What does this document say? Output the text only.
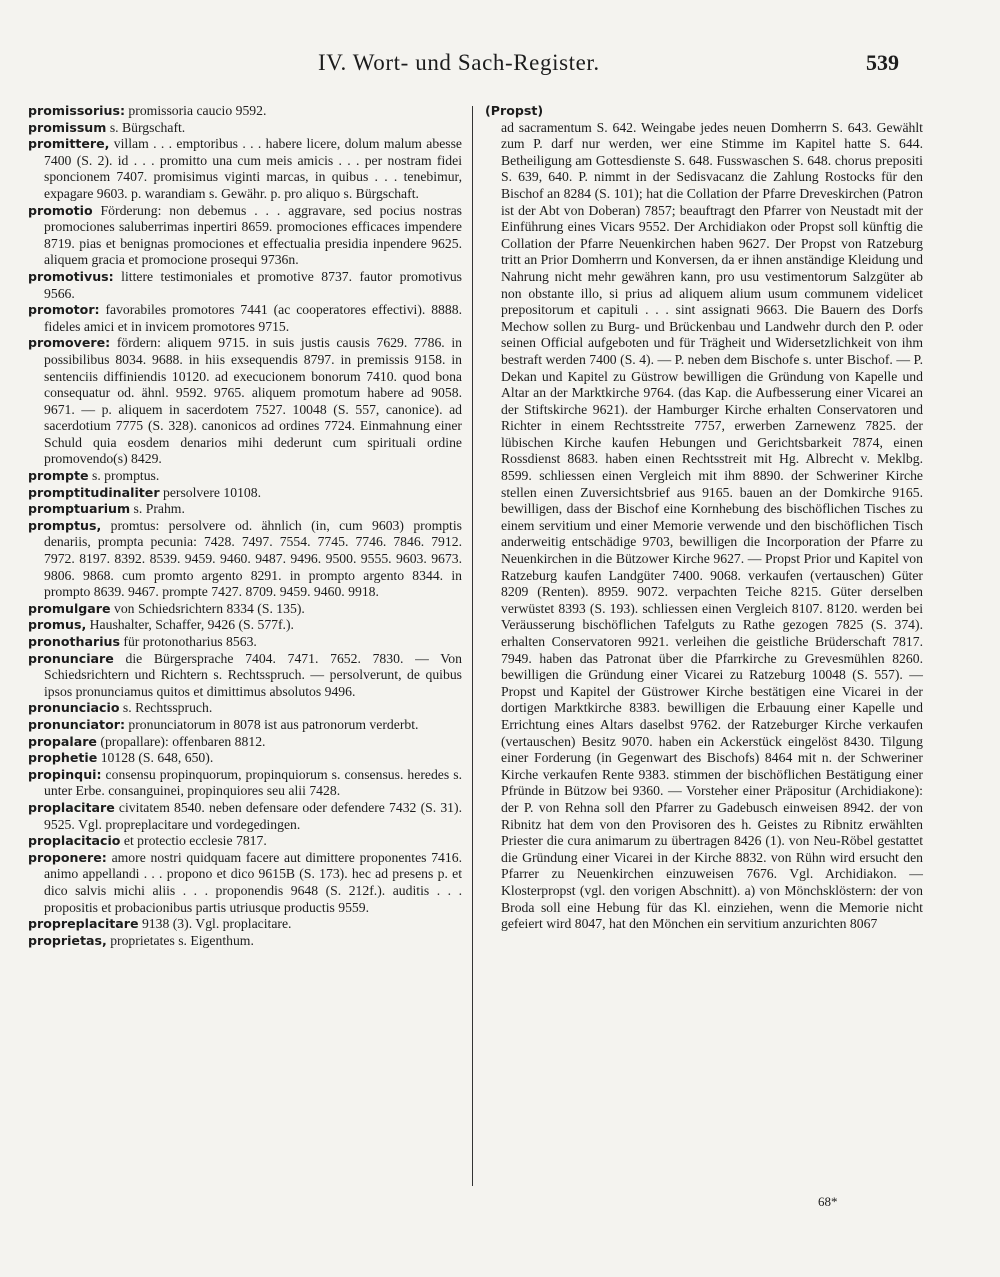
IV. Wort- und Sach-Register.	539
promissorius: promissoria caucio 9592.
promissum s. Bürgschaft.
promittere, villam . . . emptoribus . . . habere licere, dolum malum abesse 7400 (S. 2). id . . . promitto una cum meis amicis . . . per nostram fidei sponcionem 7407. promisimus viginti marcas, in quibus . . . tenebimur, expagare 9603. p. warandiam s. Gewähr. p. pro aliquo s. Bürgschaft.
promotio Förderung: non debemus . . . aggravare, sed pocius nostras promociones saluberrimas inpertiri 8659. promociones efficaces impendere 8719. pias et benignas promociones et effectualia presidia inpendere 9625. aliquem gracia et promocione prosequi 9736n.
promotivus: littere testimoniales et promotive 8737. fautor promotivus 9566.
promotor: favorabiles promotores 7441 (ac cooperatores effectivi). 8888. fideles amici et in invicem promotores 9715.
promovere: fördern: aliquem 9715. in suis justis causis 7629. 7786. in possibilibus 8034. 9688. in hiis exsequendis 8797. in premissis 9158. in sentenciis diffiniendis 10120. ad execucionem bonorum 7410. quod bona consequatur od. ähnl. 9592. 9765. aliquem promotum habere ad 9058. 9671. — p. aliquem in sacerdotem 7527. 10048 (S. 557, canonice). ad sacerdotium 7775 (S. 328). canonicos ad ordines 7724. Einmahnung einer Schuld quia eosdem denarios mihi dederunt cum spirituali ordine promovendo(s) 8429.
prompte s. promptus.
promptitudinaliter persolvere 10108.
promptuarium s. Prahm.
promptus, promtus: persolvere od. ähnlich (in, cum 9603) promptis denariis, prompta pecunia: 7428. 7497. 7554. 7745. 7746. 7846. 7912. 7972. 8197. 8392. 8539. 9459. 9460. 9487. 9496. 9500. 9555. 9603. 9673. 9806. 9868. cum promto argento 8291. in prompto argento 8344. in prompto 8639. 9467. prompte 7427. 8709. 9459. 9460. 9918.
promulgare von Schiedsrichtern 8334 (S. 135).
promus, Haushalter, Schaffer, 9426 (S. 577f.).
pronotharius für protonotharius 8563.
pronunciare die Bürgersprache 7404. 7471. 7652. 7830. — Von Schiedsrichtern und Richtern s. Rechtsspruch. — persolverunt, de quibus ipsos pronunciamus quitos et dimittimus absolutos 9496.
pronunciacio s. Rechtsspruch.
pronunciator: pronunciatorum in 8078 ist aus patronorum verderbt.
propalare (propallare): offenbaren 8812.
prophetie 10128 (S. 648, 650).
propinqui: consensu propinquorum, propinquiorum s. consensus. heredes s. unter Erbe. consanguinei, propinquiores seu alii 7428.
proplacitare civitatem 8540. neben defensare oder defendere 7432 (S. 31). 9525. Vgl. propreplacitare und vordegedingen.
proplacitacio et protectio ecclesie 7817.
proponere: amore nostri quidquam facere aut dimittere proponentes 7416. animo appellandi . . . propono et dico 9615B (S. 173). hec ad presens p. et dico salvis michi aliis . . . proponendis 9648 (S. 212f.). auditis . . . propositis et probacionibus partis utriusque productis 9559.
propreplacitare 9138 (3). Vgl. proplacitare.
proprietas, proprietates s. Eigenthum.
(Propst)
ad sacramentum S. 642. Weingabe jedes neuen Domherrn S. 643. Gewählt zum P. darf nur werden, wer eine Stimme im Kapitel hatte S. 644. Betheiligung am Gottesdienste S. 648. Fusswaschen S. 648. chorus prepositi S. 639, 640. P. nimmt in der Sedisvacanz die Zahlung Rostocks für den Bischof an 8284 (S. 101); hat die Collation der Pfarre Dreveskirchen (Patron ist der Abt von Doberan) 7857; beauftragt den Pfarrer von Neustadt mit der Einführung eines Vicars 9552. Der Archidiakon oder Propst soll künftig die Collation der Pfarre Neuenkirchen haben 9627. Der Propst von Ratzeburg tritt an Prior Domherrn und Konversen, da er ihnen anständige Kleidung und Nahrung nicht mehr gewähren kann, pro usu vestimentorum Salzgüter ab non obstante illo, si prius ad aliquem alium usum communem videlicet prepositorum et capituli . . . sint assignati 9663. Die Bauern des Dorfs Mechow sollen zu Burg- und Brückenbau und Landwehr durch den P. oder seinen Official aufgeboten und für Trägheit und Widersetzlichkeit von ihm bestraft werden 7400 (S. 4). — P. neben dem Bischofe s. unter Bischof. — P. Dekan und Kapitel zu Güstrow bewilligen die Gründung von Kapelle und Altar an der Marktkirche 9764. (das Kap. die Aufbesserung einer Vicarei an der Stiftskirche 9621). der Hamburger Kirche erhalten Conservatoren und Richter in einem Rechtsstreite 7757, erwerben Zarnewenz 7825. der lübischen Kirche kaufen Hebungen und Gerichtsbarkeit 7874, einen Rossdienst 8683. haben einen Rechtsstreit mit Hg. Albrecht v. Meklbg. 8599. schliessen einen Vergleich mit ihm 8890. der Schweriner Kirche stellen einen Zuversichtsbrief aus 9165. bauen an der Domkirche 9165. bewilligen, dass der Bischof eine Kornhebung des bischöflichen Tisches zu einem servitium und einer Memorie verwende und den bischöflichen Tisch anderweitig entschädige 9703, bewilligen die Incorporation der Pfarre zu Neuenkirchen in die Bützower Kirche 9627. — Propst Prior und Kapitel von Ratzeburg kaufen Landgüter 7400. 9068. verkaufen (vertauschen) Güter 8209 (Renten). 8959. 9072. verpachten Teiche 8215. Güter derselben verwüstet 8393 (S. 193). schliessen einen Vergleich 8107. 8120. werden bei Veräusserung bischöflichen Tafelguts zu Rathe gezogen 7825 (S. 374). erhalten Conservatoren 9921. verleihen die geistliche Brüderschaft 7817. 7949. haben das Patronat über die Pfarrkirche zu Grevesmühlen 8260. bewilligen die Gründung einer Vicarei zu Ratzeburg 10048 (S. 557). — Propst und Kapitel der Güstrower Kirche bestätigen eine Vicarei in der dortigen Marktkirche 8383. bewilligen die Erbauung einer Kapelle und Errichtung eines Altars daselbst 9762. der Ratzeburger Kirche verkaufen (vertauschen) Besitz 9070. haben ein Ackerstück eingelöst 8430. Tilgung einer Forderung (in Gegenwart des Bischofs) 8464 mit n. der Schweriner Kirche verkaufen Rente 9383. stimmen der bischöflichen Bestätigung einer Pfründe in Bützow bei 9360. — Vorsteher einer Präpositur (Archidiakone): der P. von Rehna soll den Pfarrer zu Gadebusch einweisen 8942. der von Ribnitz hat dem von den Provisoren des h. Geistes zu Ribnitz erwählten Priester die cura animarum zu übertragen 8426 (1). von Neu-Röbel gestattet die Gründung einer Vicarei in der Kirche 8832. von Rühn wird ersucht den Pfarrer zu Neuenkirchen einzuweisen 7676. Vgl. Archidiakon. — Klosterpropst (vgl. den vorigen Abschnitt). a) von Mönchsklöstern: der von Broda soll eine Hebung für das Kl. einziehen, wenn die Memorie nicht gefeiert wird 8047, hat den Mönchen ein servitium anzurichten 8067
68*
